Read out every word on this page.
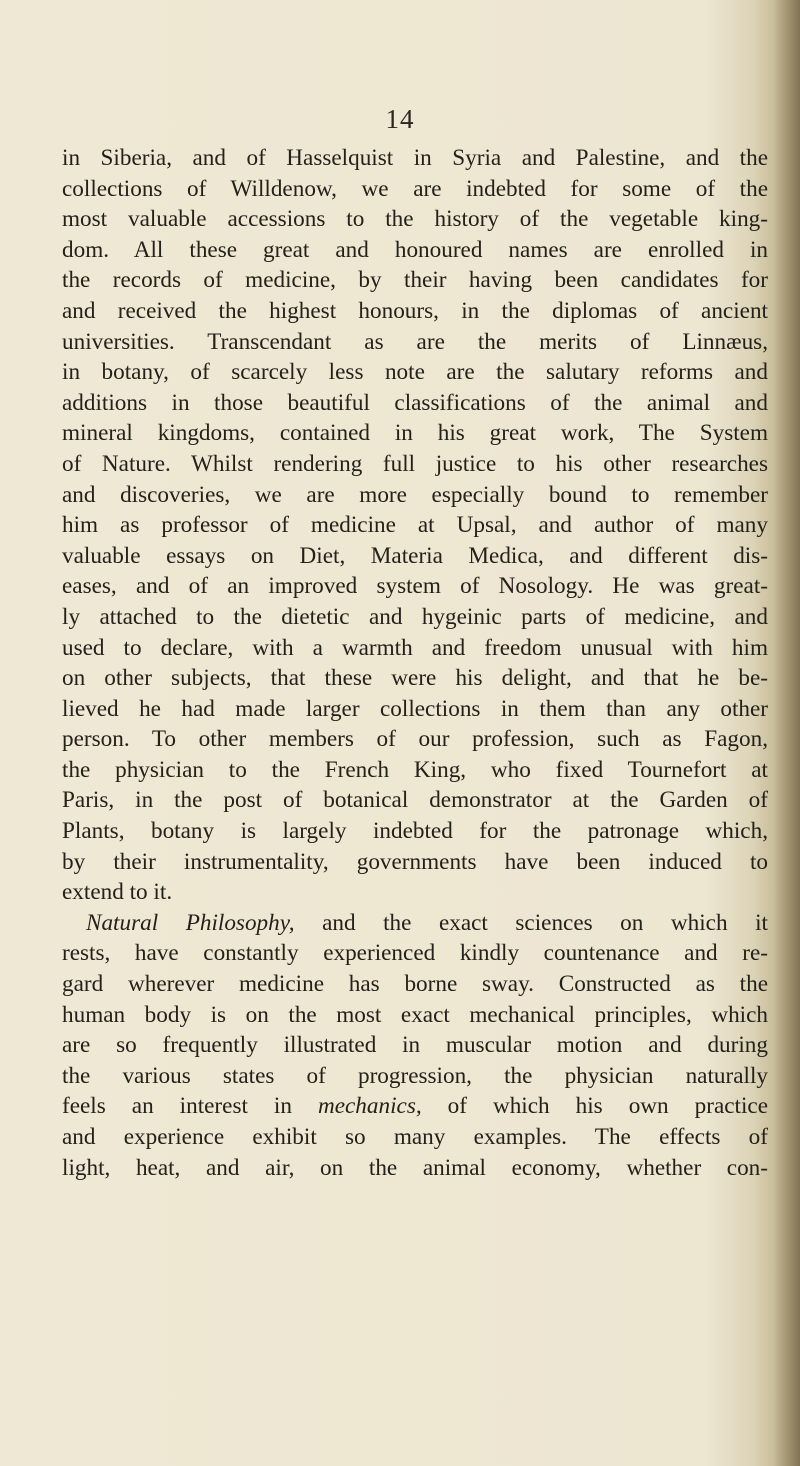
14
in Siberia, and of Hasselquist in Syria and Palestine, and the
collections of Willdenow, we are indebted for some of the
most valuable accessions to the history of the vegetable king-
dom. All these great and honoured names are enrolled in
the records of medicine, by their having been candidates for
and received the highest honours, in the diplomas of ancient
universities. Transcendant as are the merits of Linnæus,
in botany, of scarcely less note are the salutary reforms and
additions in those beautiful classifications of the animal and
mineral kingdoms, contained in his great work, The System
of Nature. Whilst rendering full justice to his other researches
and discoveries, we are more especially bound to remember
him as professor of medicine at Upsal, and author of many
valuable essays on Diet, Materia Medica, and different dis-
eases, and of an improved system of Nosology. He was great-
ly attached to the dietetic and hygeinic parts of medicine, and
used to declare, with a warmth and freedom unusual with him
on other subjects, that these were his delight, and that he be-
lieved he had made larger collections in them than any other
person. To other members of our profession, such as Fagon,
the physician to the French King, who fixed Tournefort at
Paris, in the post of botanical demonstrator at the Garden of
Plants, botany is largely indebted for the patronage which,
by their instrumentality, governments have been induced to
extend to it.
Natural Philosophy, and the exact sciences on which it
rests, have constantly experienced kindly countenance and re-
gard wherever medicine has borne sway. Constructed as the
human body is on the most exact mechanical principles, which
are so frequently illustrated in muscular motion and during
the various states of progression, the physician naturally
feels an interest in mechanics, of which his own practice
and experience exhibit so many examples. The effects of
light, heat, and air, on the animal economy, whether con-
